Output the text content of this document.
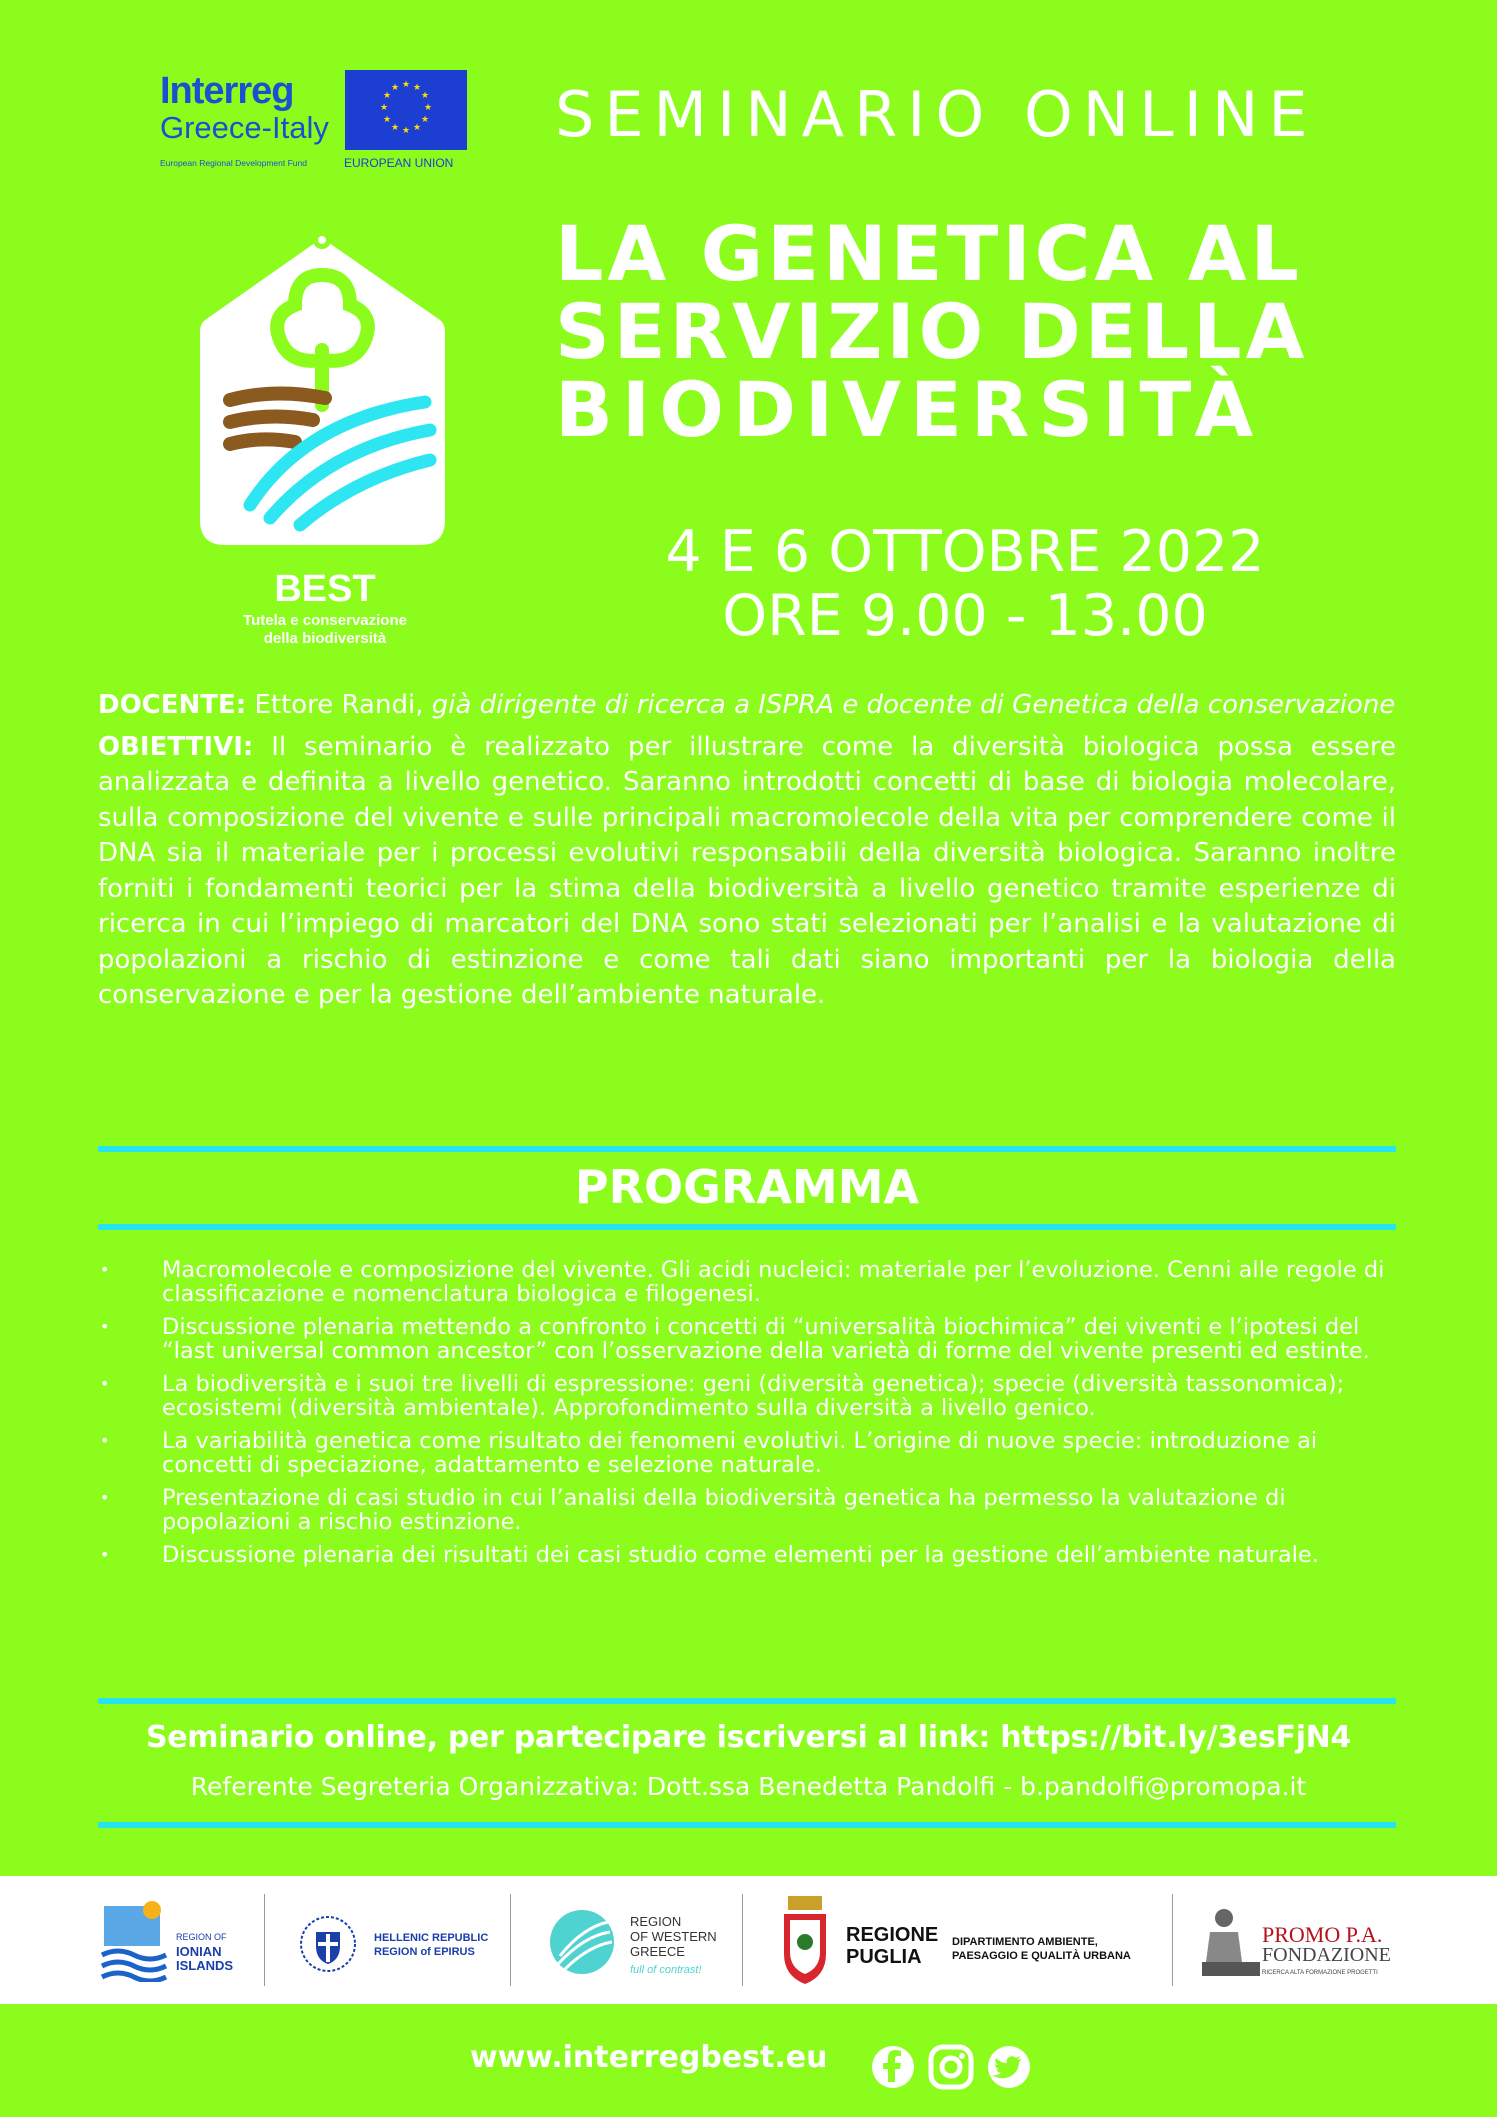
Interreg
Greece-Italy
European Regional Development Fund
★ ★
★
★
★
★
★
★
★
★
★
★
EUROPEAN UNION
SEMINARIO ONLINE
LA GENETICA AL
SERVIZIO DELLA
BIODIVERSITÀ
4 E 6 OTTOBRE 2022
ORE 9.00 - 13.00
BEST
Tutela e conservazione
della biodiversità

DOCENTE: Ettore Randi, già dirigente di ricerca a ISPRA e docente di Genetica della conservazione

OBIETTIVI: Il seminario è realizzato per illustrare come la diversità biologica possa essere analizzata e definita a livello genetico. Saranno introdotti concetti di base di biologia molecolare, sulla composizione del vivente e sulle principali macromolecole della vita per comprendere come il DNA sia il materiale per i processi evolutivi responsabili della diversità biologica. Saranno inoltre forniti i fondamenti teorici per la stima della biodiversità a livello genetico tramite esperienze di ricerca in cui l’impiego di marcatori del DNA sono stati selezionati per l’analisi e la valutazione di popolazioni a rischio di estinzione e come tali dati siano importanti per la biologia della conservazione e per la gestione dell’ambiente naturale.

PROGRAMMA
• Macromolecole e composizione del vivente. Gli acidi nucleici: materiale per l’evoluzione. Cenni alle regole di classificazione e nomenclatura biologica e filogenesi.
• Discussione plenaria mettendo a confronto i concetti di “universalità biochimica” dei viventi e l’ipotesi del “last universal common ancestor” con l’osservazione della varietà di forme del vivente presenti ed estinte.
• La biodiversità e i suoi tre livelli di espressione: geni (diversità genetica); specie (diversità tassonomica); ecosistemi (diversità ambientale). Approfondimento sulla diversità a livello genico.
• La variabilità genetica come risultato dei fenomeni evolutivi. L’origine di nuove specie: introduzione ai concetti di speciazione, adattamento e selezione naturale.
• Presentazione di casi studio in cui l’analisi della biodiversità genetica ha permesso la valutazione di popolazioni a rischio estinzione.
• Discussione plenaria dei risultati dei casi studio come elementi per la gestione dell’ambiente naturale.
Seminario online, per partecipare iscriversi al link: https://bit.ly/3esFjN4
Referente Segreteria Organizzativa: Dott.ssa Benedetta Pandolfi - b.pandolfi@promopa.it
REGION OF
IONIAN
ISLANDS
HELLENIC REPUBLIC
REGION of EPIRUS
REGION
OF WESTERN
GREECE
full of contrast!
REGIONE
PUGLIA
DIPARTIMENTO AMBIENTE,
PAESAGGIO E QUALITÀ URBANA
PROMO P.A.
FONDAZIONE
RICERCA ALTA FORMAZIONE PROGETTI
www.interregbest.eu
